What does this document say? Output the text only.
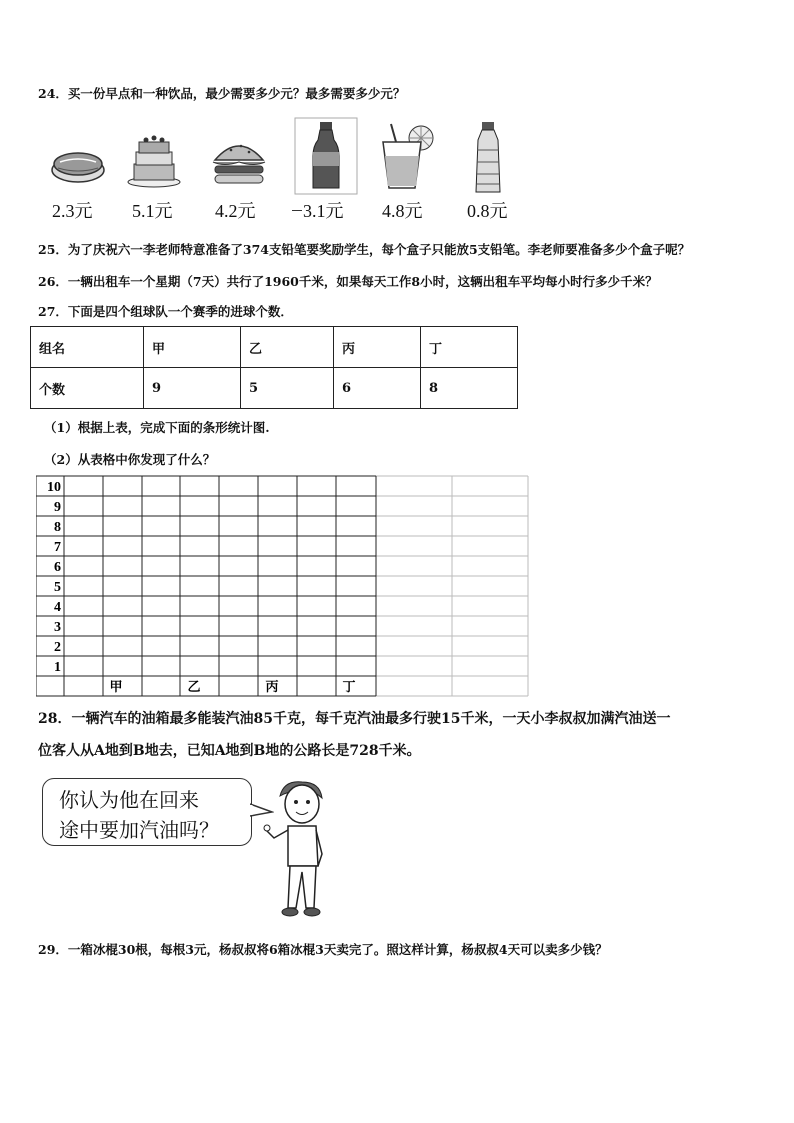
24．买一份早点和一种饮品，最少需要多少元？最多需要多少元？
2.3元 5.1元 4.2元	3.1元 4.8元 0.8元
25．为了庆祝六一李老师特意准备了374支铅笔要奖励学生，每个盒子只能放5支铅笔。李老师要准备多少个盒子呢？
26．一辆出租车一个星期（7天）共行了1960千米，如果每天工作8小时，这辆出租车平均每小时行多少千米？
27．下面是四个组球队一个赛季的进球个数．
组名	甲	乙	丙	丁
个数	9	5	6	8
（1）根据上表，完成下面的条形统计图.
（2）从表格中你发现了什么？
10
9
8
7
6
5
4
3
2
1
甲	乙	丙	丁
28．一辆汽车的油箱最多能装汽油85千克，每千克汽油最多行驶15千米，一天小李叔叔加满汽油送一
位客人从A地到B地去，已知A地到B地的公路长是728千米。
你认为他在回来
途中要加汽油吗？
29．一箱冰棍30根，每根3元，杨叔叔将6箱冰棍3天卖完了。照这样计算，杨叔叔4天可以卖多少钱？
